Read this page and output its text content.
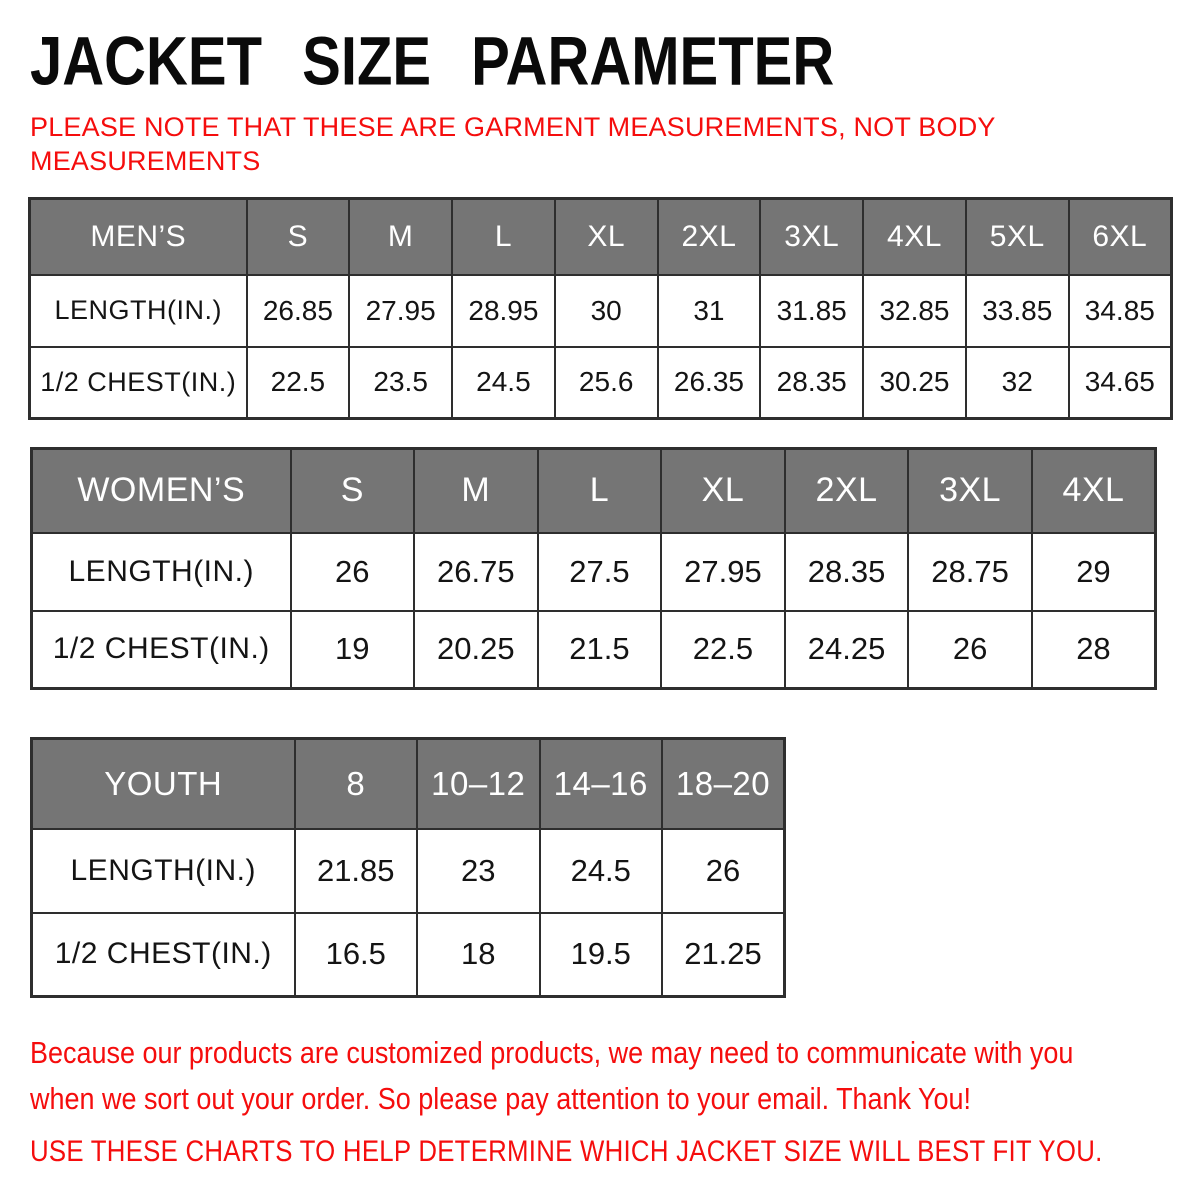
JACKET SIZE PARAMETER

PLEASE NOTE THAT THESE ARE GARMENT MEASUREMENTS, NOT BODY
MEASUREMENTS

MEN’S	S	M	L	XL	2XL	3XL	4XL	5XL	6XL
LENGTH(IN.)	26.85	27.95	28.95	30	31	31.85	32.85	33.85	34.85
1/2 CHEST(IN.)	22.5	23.5	24.5	25.6	26.35	28.35	30.25	32	34.65
WOMEN’S	S	M	L	XL	2XL	3XL	4XL
LENGTH(IN.)	26	26.75	27.5	27.95	28.35	28.75	29
1/2 CHEST(IN.)	19	20.25	21.5	22.5	24.25	26	28
YOUTH	8	10–12	14–16	18–20
LENGTH(IN.)	21.85	23	24.5	26
1/2 CHEST(IN.)	16.5	18	19.5	21.25
Because our products are customized products, we may need to communicate with you
when we sort out your order. So please pay attention to your email. Thank You!
USE THESE CHARTS TO HELP DETERMINE WHICH JACKET SIZE WILL BEST FIT YOU.
